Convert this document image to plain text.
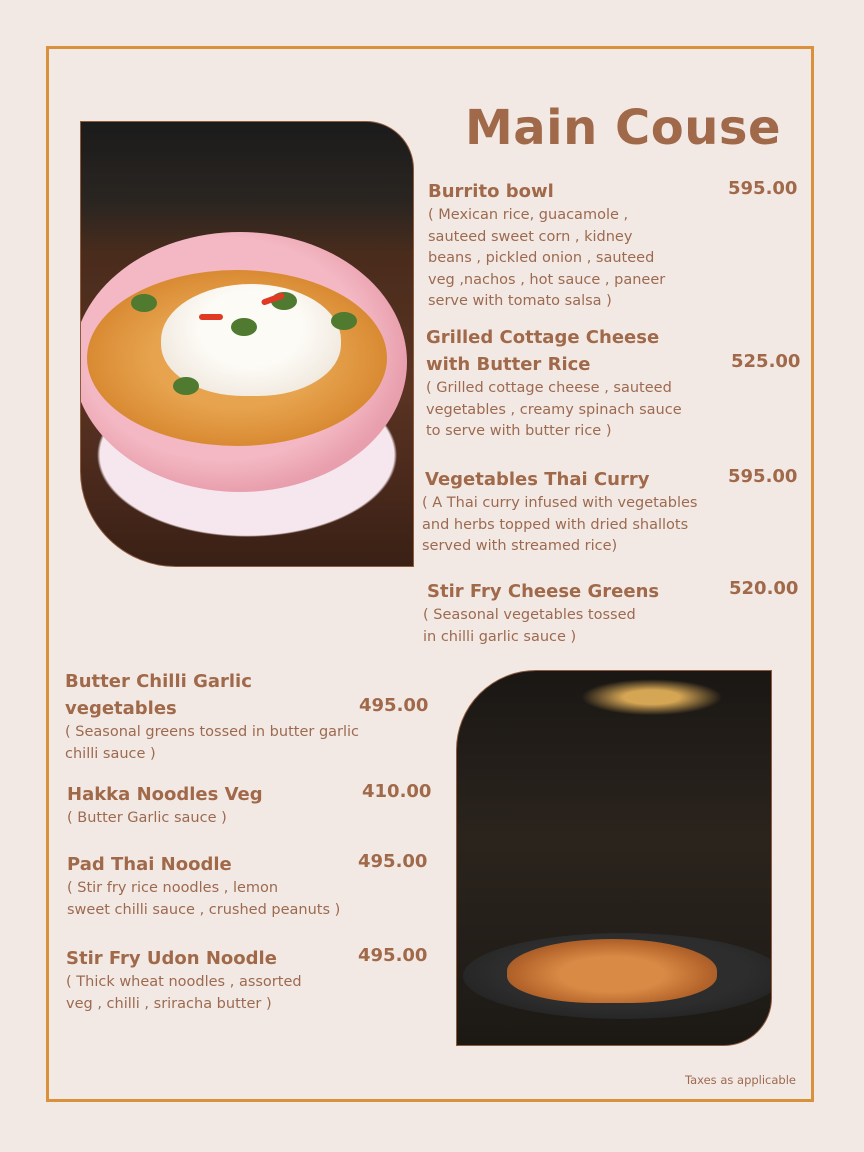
Main Couse
Burrito bowl	595.00
( Mexican rice, guacamole ,
sauteed sweet corn , kidney
beans , pickled onion , sauteed
veg ,nachos , hot sauce , paneer
serve with tomato salsa )
Grilled Cottage Cheese
with Butter Rice	525.00
( Grilled cottage cheese , sauteed
vegetables , creamy spinach sauce
to serve with butter rice )
Vegetables Thai Curry	595.00
( A Thai curry infused with vegetables
and herbs topped with dried shallots
served with streamed rice)
Stir Fry Cheese Greens	520.00
( Seasonal vegetables tossed
in chilli garlic sauce )
Butter Chilli Garlic
vegetables	495.00
( Seasonal greens tossed in butter garlic
chilli sauce )
Hakka Noodles Veg	410.00
( Butter Garlic sauce )
Pad Thai Noodle	495.00
( Stir fry rice noodles , lemon
sweet chilli sauce , crushed peanuts )
Stir Fry Udon Noodle	495.00
( Thick wheat noodles , assorted
veg , chilli , sriracha butter )
Taxes as applicable
